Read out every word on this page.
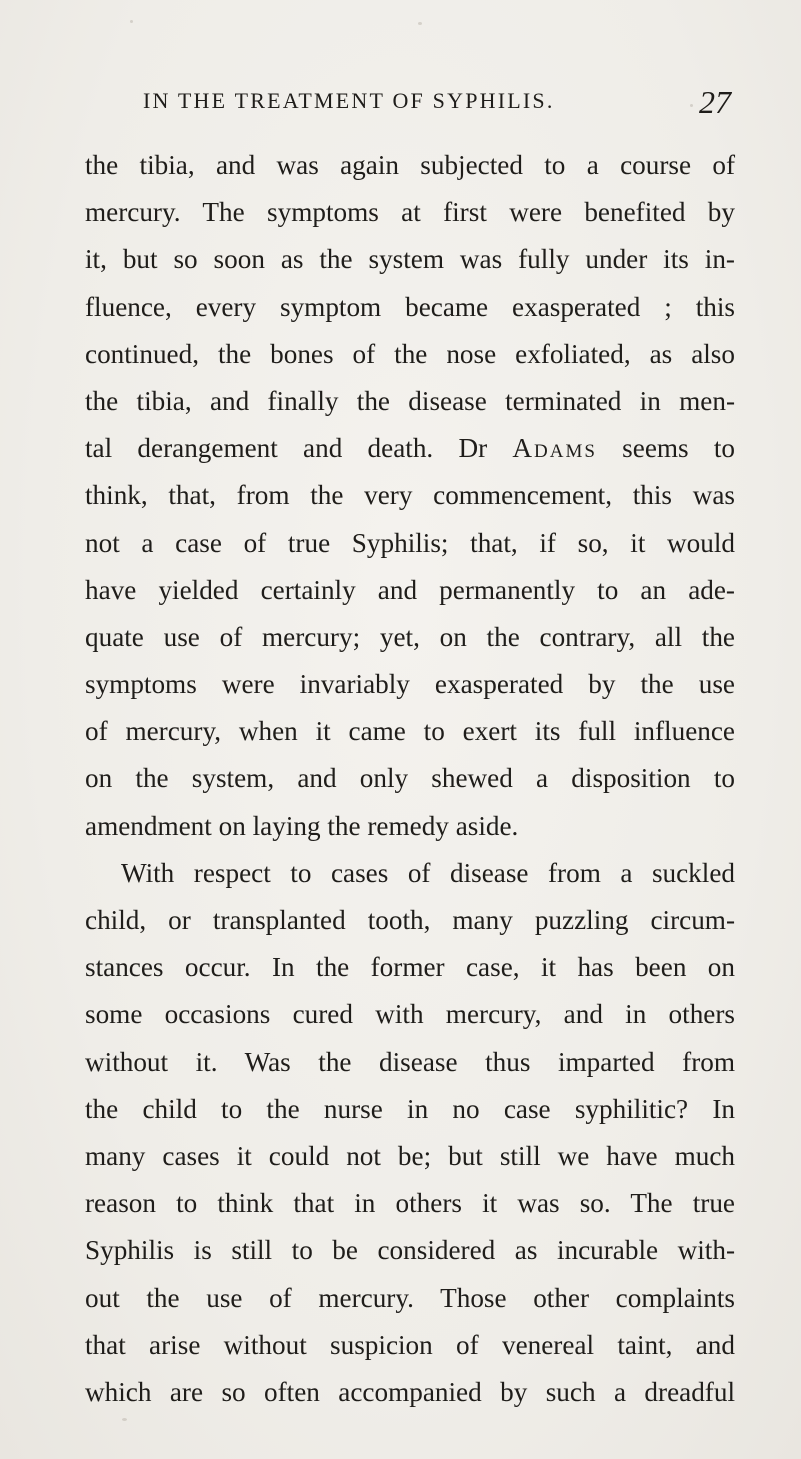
IN THE TREATMENT OF SYPHILIS.	27
the tibia, and was again subjected to a course of
mercury. The symptoms at first were benefited by
it, but so soon as the system was fully under its in-
fluence, every symptom became exasperated ; this
continued, the bones of the nose exfoliated, as also
the tibia, and finally the disease terminated in men-
tal derangement and death. Dr Adams seems to
think, that, from the very commencement, this was
not a case of true Syphilis; that, if so, it would
have yielded certainly and permanently to an ade-
quate use of mercury; yet, on the contrary, all the
symptoms were invariably exasperated by the use
of mercury, when it came to exert its full influence
on the system, and only shewed a disposition to
amendment on laying the remedy aside.
With respect to cases of disease from a suckled
child, or transplanted tooth, many puzzling circum-
stances occur. In the former case, it has been on
some occasions cured with mercury, and in others
without it. Was the disease thus imparted from
the child to the nurse in no case syphilitic? In
many cases it could not be; but still we have much
reason to think that in others it was so. The true
Syphilis is still to be considered as incurable with-
out the use of mercury. Those other complaints
that arise without suspicion of venereal taint, and
which are so often accompanied by such a dreadful
